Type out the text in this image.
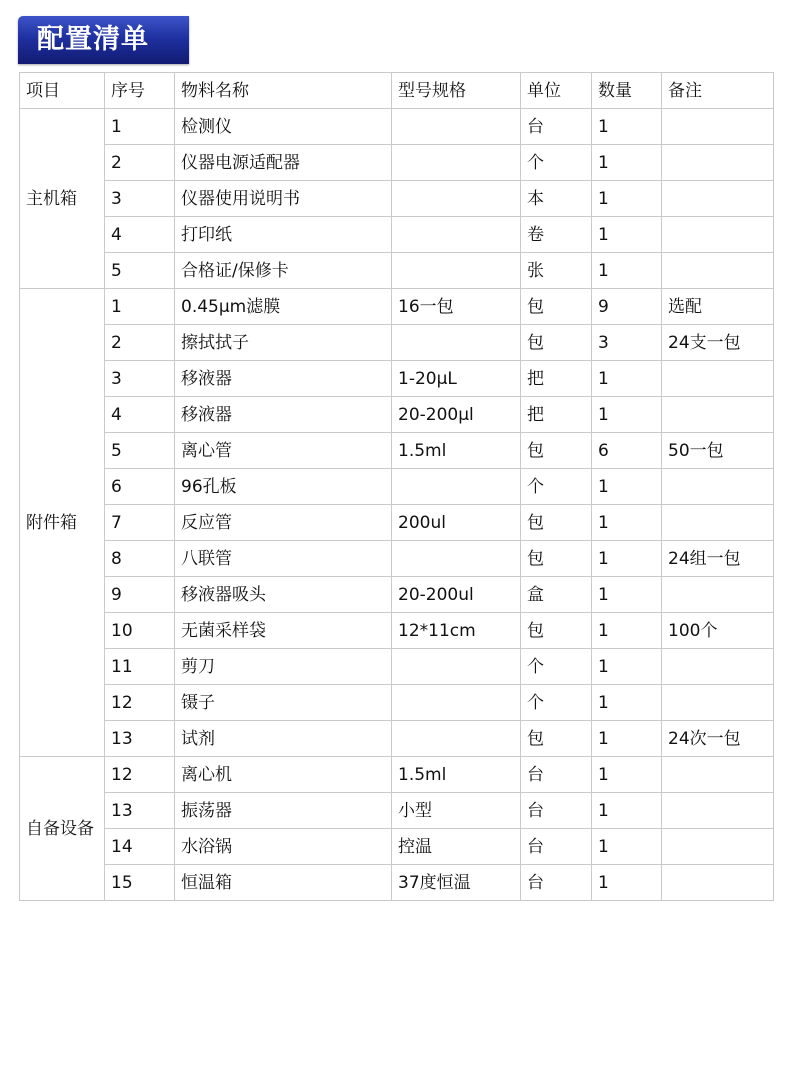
配置清单
项目	序号	物料名称	型号规格	单位	数量	备注
主机箱	1	检测仪		台	1	
	2	仪器电源适配器		个	1	
	3	仪器使用说明书		本	1	
	4	打印纸		卷	1	
	5	合格证/保修卡		张	1	
附件箱	1	0.45μm滤膜	16一包	包	9	选配
	2	擦拭拭子		包	3	24支一包
	3	移液器	1-20μL	把	1	
	4	移液器	20-200μl	把	1	
	5	离心管	1.5ml	包	6	50一包
	6	96孔板		个	1	
	7	反应管	200ul	包	1	
	8	八联管		包	1	24组一包
	9	移液器吸头	20-200ul	盒	1	
	10	无菌采样袋	12*11cm	包	1	100个
	11	剪刀		个	1	
	12	镊子		个	1	
	13	试剂		包	1	24次一包
自备设备	12	离心机	1.5ml	台	1	
	13	振荡器	小型	台	1	
	14	水浴锅	控温	台	1	
	15	恒温箱	37度恒温	台	1	
